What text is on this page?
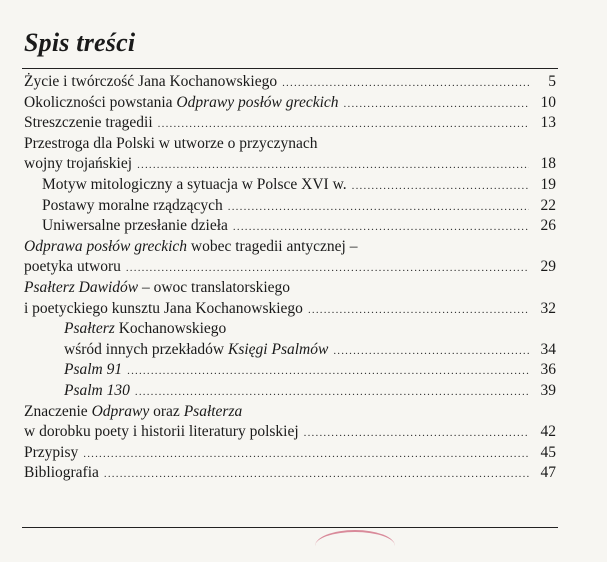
Spis treści
Życie i twórczość Jana Kochanowskiego .....	5
Okoliczności powstania Odprawy posłów greckich .....	10
Streszczenie tragedii .....	13
Przestroga dla Polski w utworze o przyczynach
wojny trojańskiej .....	18
Motyw mitologiczny a sytuacja w Polsce XVI w. .....	19
Postawy moralne rządzących .....	22
Uniwersalne przesłanie dzieła .....	26
Odprawa posłów greckich wobec tragedii antycznej –
poetyka utworu .....	29
Psałterz Dawidów – owoc translatorskiego
i poetyckiego kunsztu Jana Kochanowskiego .....	32
Psałterz Kochanowskiego
wśród innych przekładów Księgi Psalmów .....	34
Psalm 91 .....	36
Psalm 130 .....	39
Znaczenie Odprawy oraz Psałterza
w dorobku poety i historii literatury polskiej .....	42
Przypisy .....	45
Bibliografia .....	47
